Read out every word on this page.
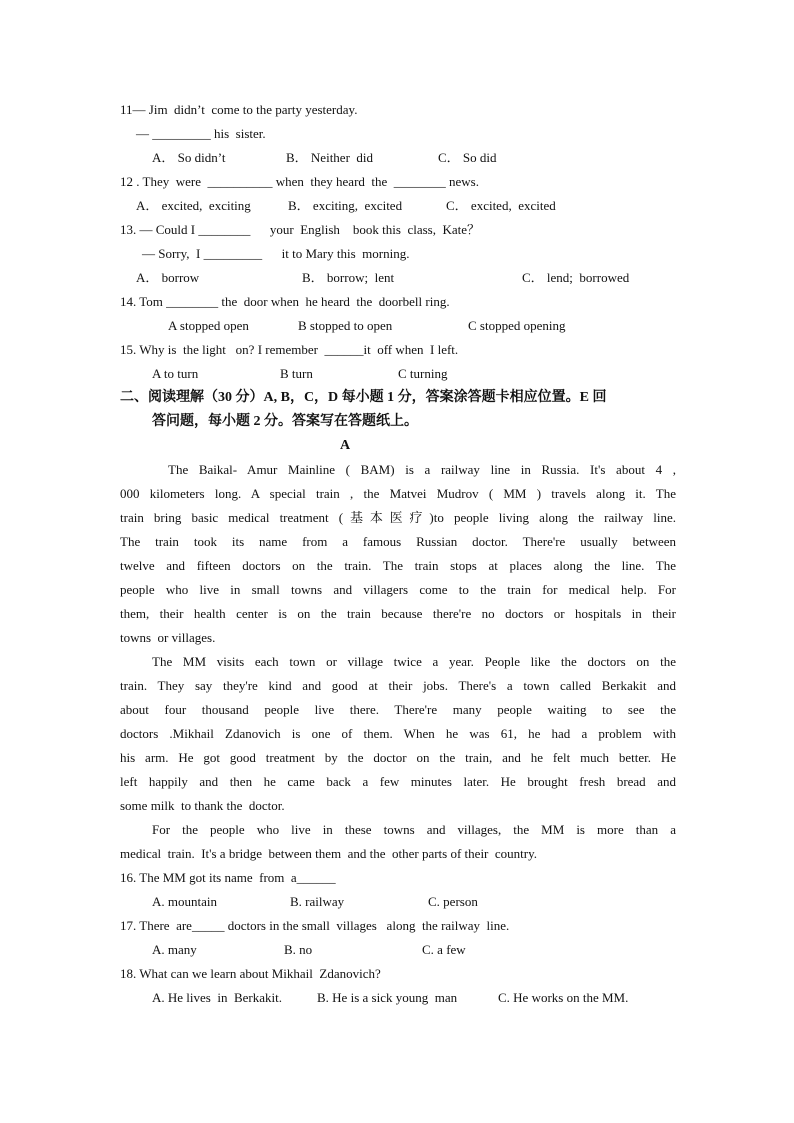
11— Jim  didn’t  come to the party yesterday.
— _________ his  sister.
A． So didn’t	B． Neither  did	C． So did
12 . They  were  __________ when  they heard  the  ________ news.
A． excited,  exciting	B． exciting,  excited	C． excited,  excited
13. — Could I ________      your  English    book this  class,  Kate？
— Sorry,  I _________      it to Mary this  morning.
A． borrow	B． borrow;  lent	C． lend;  borrowed
14. Tom ________ the  door when  he heard  the  doorbell ring.
A stopped open	B stopped to open	C stopped opening
15. Why is  the light   on? I remember  ______it  off when  I left.
A to turn	B turn	C turning
二、阅读理解（30 分）A, B，C，D 每小题 1 分，答案涂答题卡相应位置。E 回
答问题，每小题 2 分。答案写在答题纸上。
A
The Baikal- Amur Mainline ( BAM) is a railway line in Russia. It's about 4 ,
000 kilometers long. A special train , the Matvei Mudrov ( MM ) travels along it. The
train bring basic medical treatment (基本医疗)to people living along the railway line.
The train took its name from a famous Russian doctor. There're usually between
twelve and fifteen doctors on the train. The train stops at places along the line. The
people who live in small towns and villagers come to the train for medical help. For
them, their health center is on the train because there're no doctors or hospitals in their
towns  or villages.
The MM visits each town or village twice a year. People like the doctors on the
train. They say they're kind and good at their jobs. There's a town called Berkakit and
about four thousand people live there. There're many people waiting to see the
doctors .Mikhail Zdanovich is one of them. When he was 61, he had a problem with
his arm. He got good treatment by the doctor on the train, and he felt much better. He
left happily and then he came back a few minutes later. He brought fresh bread and
some milk  to thank the  doctor.
For the people who live in these towns and villages, the MM is more than a
medical  train.  It's a bridge  between them  and the  other parts of their  country.
16. The MM got its name  from  a______
A. mountain	B. railway	C. person
17. There  are_____ doctors in the small  villages   along  the railway  line.
A. many	B. no	C. a few
18. What can we learn about Mikhail  Zdanovich?
A. He lives  in  Berkakit.	B. He is a sick young  man	C. He works on the MM.
